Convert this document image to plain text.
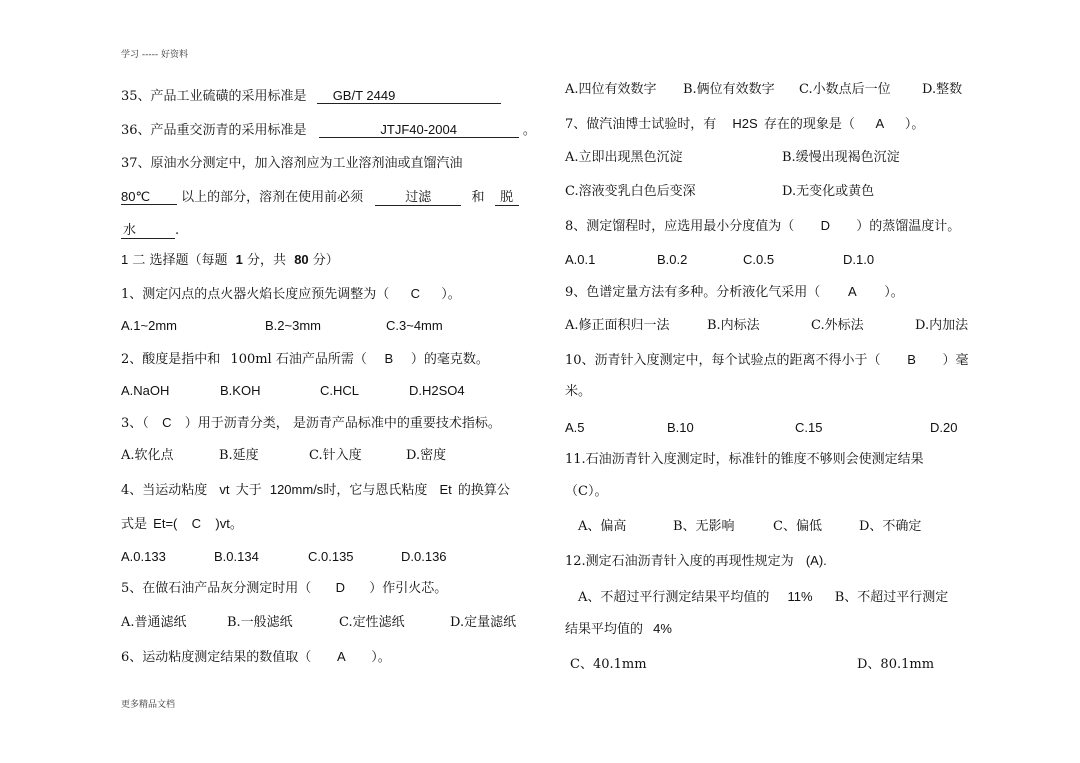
学习 ----- 好资料
更多精品文档
35、产品工业硫磺的采用标准是 GB/T 2449
36、产品重交沥青的采用标准是	JTJF40-2004	。
37、原油水分测定中，加入溶剂应为工业溶剂油或直馏汽油
80℃ 以上的部分，溶剂在使用前必须	过滤	和 脱
水	.
1 二 选择题（每题 1 分，共 80 分）
1、测定闪点的点火器火焰长度应预先调整为（ C ）。
A.1~2mm	B.2~3mm	C.3~4mm
2、酸度是指中和 100ml 石油产品所需（ B ）的毫克数。
A.NaOH	B.KOH	C.HCL	D.H2SO4
3、（ C ）用于沥青分类， 是沥青产品标准中的重要技术指标。
A.软化点	B.延度	C.针入度	D.密度
4、当运动粘度 vt 大于 120mm/s时，它与恩氏粘度 Et 的换算公
式是 Et=( C )vt。
A.0.133	B.0.134	C.0.135	D.0.136
5、在做石油产品灰分测定时用（ D ）作引火芯。
A.普通滤纸	B.一般滤纸	C.定性滤纸	D.定量滤纸
6、运动粘度测定结果的数值取（ A ）。
A.四位有效数字 B.俩位有效数字 C.小数点后一位 D.整数
7、做汽油博士试验时，有 H2S 存在的现象是（ A ）。
A.立即出现黑色沉淀	B.缓慢出现褐色沉淀
C.溶液变乳白色后变深	D.无变化或黄色
8、测定馏程时，应选用最小分度值为（ D ）的蒸馏温度计。
A.0.1	B.0.2	C.0.5	D.1.0
9、色谱定量方法有多种。分析液化气采用（ A ）。
A.修正面积归一法	B.内标法	C.外标法	D.内加法
10、沥青针入度测定中，每个试验点的距离不得小于（ B ）毫
米。
A.5	B.10	C.15	D.20
11.石油沥青针入度测定时，标准针的锥度不够则会使测定结果
（C）。
A、偏高	B、无影响	C、偏低	D、不确定
12.测定石油沥青针入度的再现性规定为 (A).
A、不超过平行测定结果平均值的 11% B、不超过平行测定
结果平均值的 4%
C、40.1mm	D、80.1mm
